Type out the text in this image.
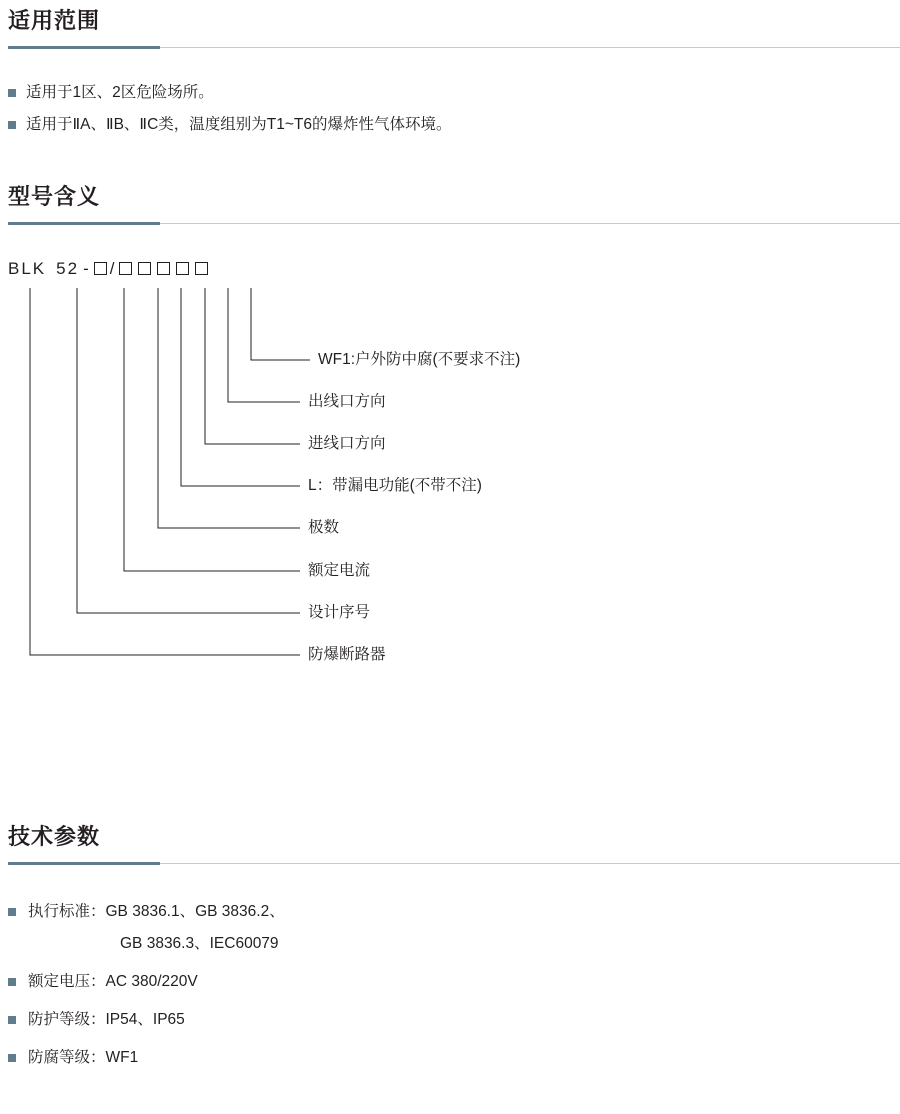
适用范围
适用于1区、2区危险场所。
适用于ⅡA、ⅡB、ⅡC类，温度组别为T1~T6的爆炸性气体环境。
型号含义
BLK 52 - /
WF1:户外防中腐(不要求不注)
出线口方向
进线口方向
L：带漏电功能(不带不注)
极数
额定电流
设计序号
防爆断路器
技术参数
执行标准：GB 3836.1、GB 3836.2、
GB 3836.3、IEC60079
额定电压：AC 380/220V
防护等级：IP54、IP65
防腐等级：WF1
